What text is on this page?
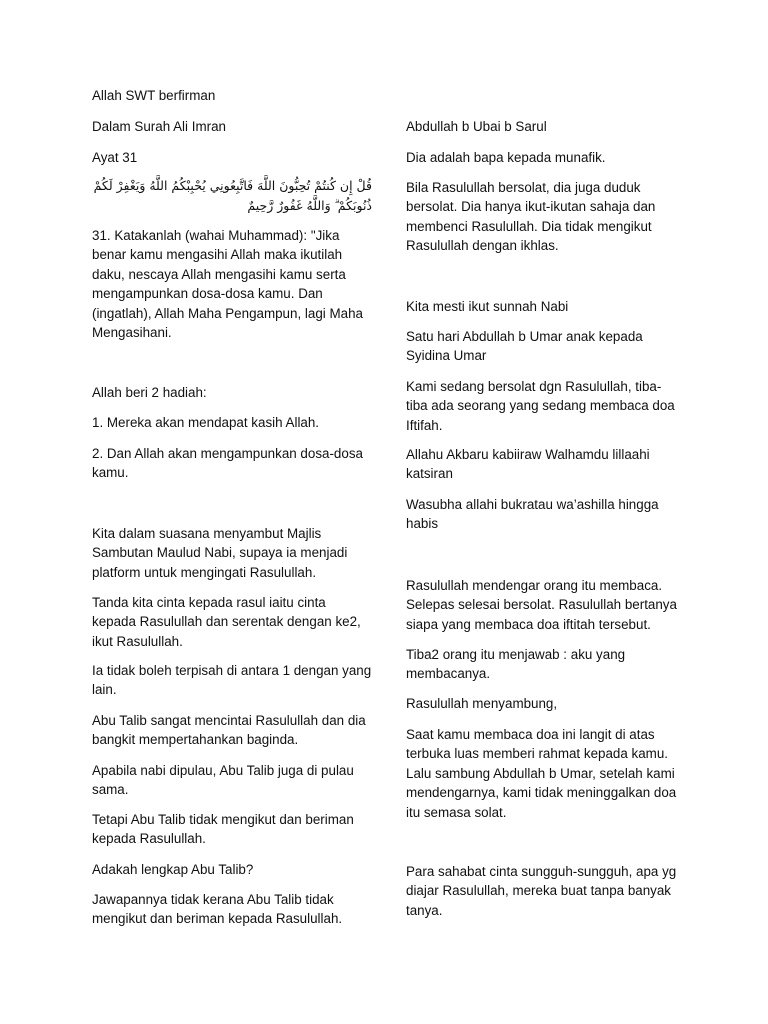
Allah SWT berfirman

Dalam Surah Ali Imran

Ayat 31

قُلْ إِن كُنتُمْ تُحِبُّونَ اللَّهَ فَاتَّبِعُونِي يُحْبِبْكُمُ اللَّهُ وَيَغْفِرْ لَكُمْ ذُنُوبَكُمْ ۗ وَاللَّهُ غَفُورٌ رَّحِيمٌ

31. Katakanlah (wahai Muhammad): "Jika benar kamu mengasihi Allah maka ikutilah daku, nescaya Allah mengasihi kamu serta mengampunkan dosa-dosa kamu. Dan (ingatlah), Allah Maha Pengampun, lagi Maha Mengasihani.

Allah beri 2 hadiah:

1. Mereka akan mendapat kasih Allah.

2. Dan Allah akan mengampunkan dosa-dosa kamu.

Kita dalam suasana menyambut Majlis Sambutan Maulud Nabi, supaya ia menjadi platform untuk mengingati Rasulullah.

Tanda kita cinta kepada rasul iaitu cinta kepada Rasulullah dan serentak dengan ke2, ikut Rasulullah.

Ia tidak boleh terpisah di antara 1 dengan yang lain.

Abu Talib sangat mencintai Rasulullah dan dia bangkit mempertahankan baginda.

Apabila nabi dipulau, Abu Talib juga di pulau sama.

Tetapi Abu Talib tidak mengikut dan beriman kepada Rasulullah.

Adakah lengkap Abu Talib?

Jawapannya tidak kerana Abu Talib tidak mengikut dan beriman kepada Rasulullah.

Abdullah b Ubai b Sarul

Dia adalah bapa kepada munafik.

Bila Rasulullah bersolat, dia juga duduk bersolat. Dia hanya ikut-ikutan sahaja dan membenci Rasulullah. Dia tidak mengikut Rasulullah dengan ikhlas.

Kita mesti ikut sunnah Nabi

Satu hari Abdullah b Umar anak kepada Syidina Umar

Kami sedang bersolat dgn Rasulullah, tiba-tiba ada seorang yang sedang membaca doa Iftifah.

Allahu Akbaru kabiiraw Walhamdu lillaahi katsiran

Wasubha allahi bukratau wa’ashilla hingga habis

Rasulullah mendengar orang itu membaca. Selepas selesai bersolat. Rasulullah bertanya siapa yang membaca doa iftitah tersebut.

Tiba2 orang itu menjawab : aku yang membacanya.

Rasulullah menyambung,

Saat kamu membaca doa ini langit di atas terbuka luas memberi rahmat kepada kamu. Lalu sambung Abdullah b Umar, setelah kami mendengarnya, kami tidak meninggalkan doa itu semasa solat.

Para sahabat cinta sungguh-sungguh, apa yg diajar Rasulullah, mereka buat tanpa banyak tanya.
